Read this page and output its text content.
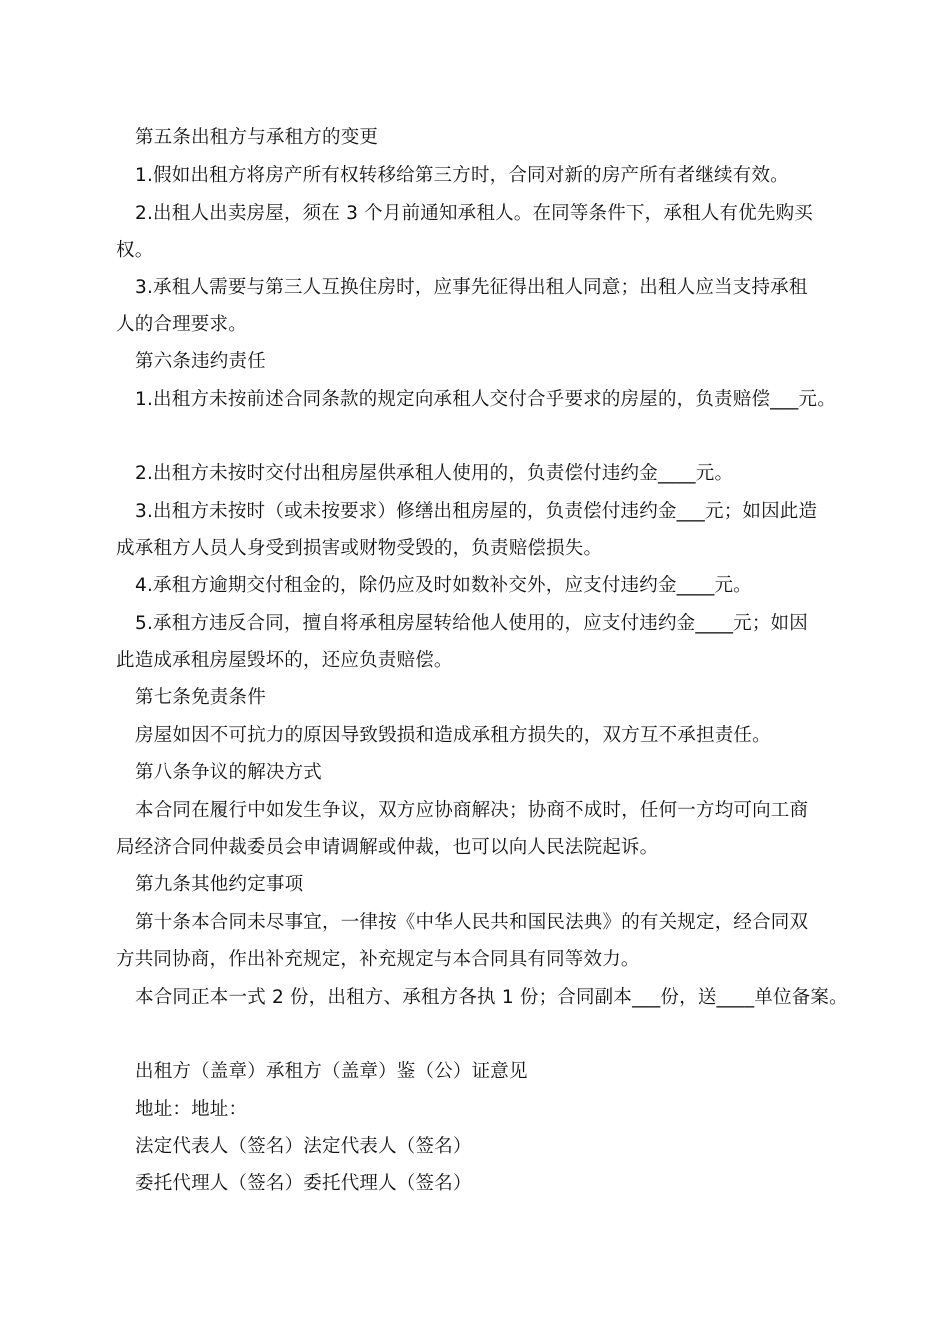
第五条出租方与承租方的变更
1.假如出租方将房产所有权转移给第三方时，合同对新的房产所有者继续有效。
2.出租人出卖房屋，须在 3 个月前通知承租人。在同等条件下，承租人有优先购买
权。
3.承租人需要与第三人互换住房时，应事先征得出租人同意；出租人应当支持承租
人的合理要求。
第六条违约责任
1.出租方未按前述合同条款的规定向承租人交付合乎要求的房屋的，负责赔偿___元。
2.出租方未按时交付出租房屋供承租人使用的，负责偿付违约金____元。
3.出租方未按时（或未按要求）修缮出租房屋的，负责偿付违约金___元；如因此造
成承租方人员人身受到损害或财物受毁的，负责赔偿损失。
4.承租方逾期交付租金的，除仍应及时如数补交外，应支付违约金____元。
5.承租方违反合同，擅自将承租房屋转给他人使用的，应支付违约金____元；如因
此造成承租房屋毁坏的，还应负责赔偿。
第七条免责条件
房屋如因不可抗力的原因导致毁损和造成承租方损失的，双方互不承担责任。
第八条争议的解决方式
本合同在履行中如发生争议，双方应协商解决；协商不成时，任何一方均可向工商
局经济合同仲裁委员会申请调解或仲裁，也可以向人民法院起诉。
第九条其他约定事项
第十条本合同未尽事宜，一律按《中华人民共和国民法典》的有关规定，经合同双
方共同协商，作出补充规定，补充规定与本合同具有同等效力。
本合同正本一式 2 份，出租方、承租方各执 1 份；合同副本___份，送____单位备案。
出租方（盖章）承租方（盖章）鉴（公）证意见
地址：地址：
法定代表人（签名）法定代表人（签名）
委托代理人（签名）委托代理人（签名）
